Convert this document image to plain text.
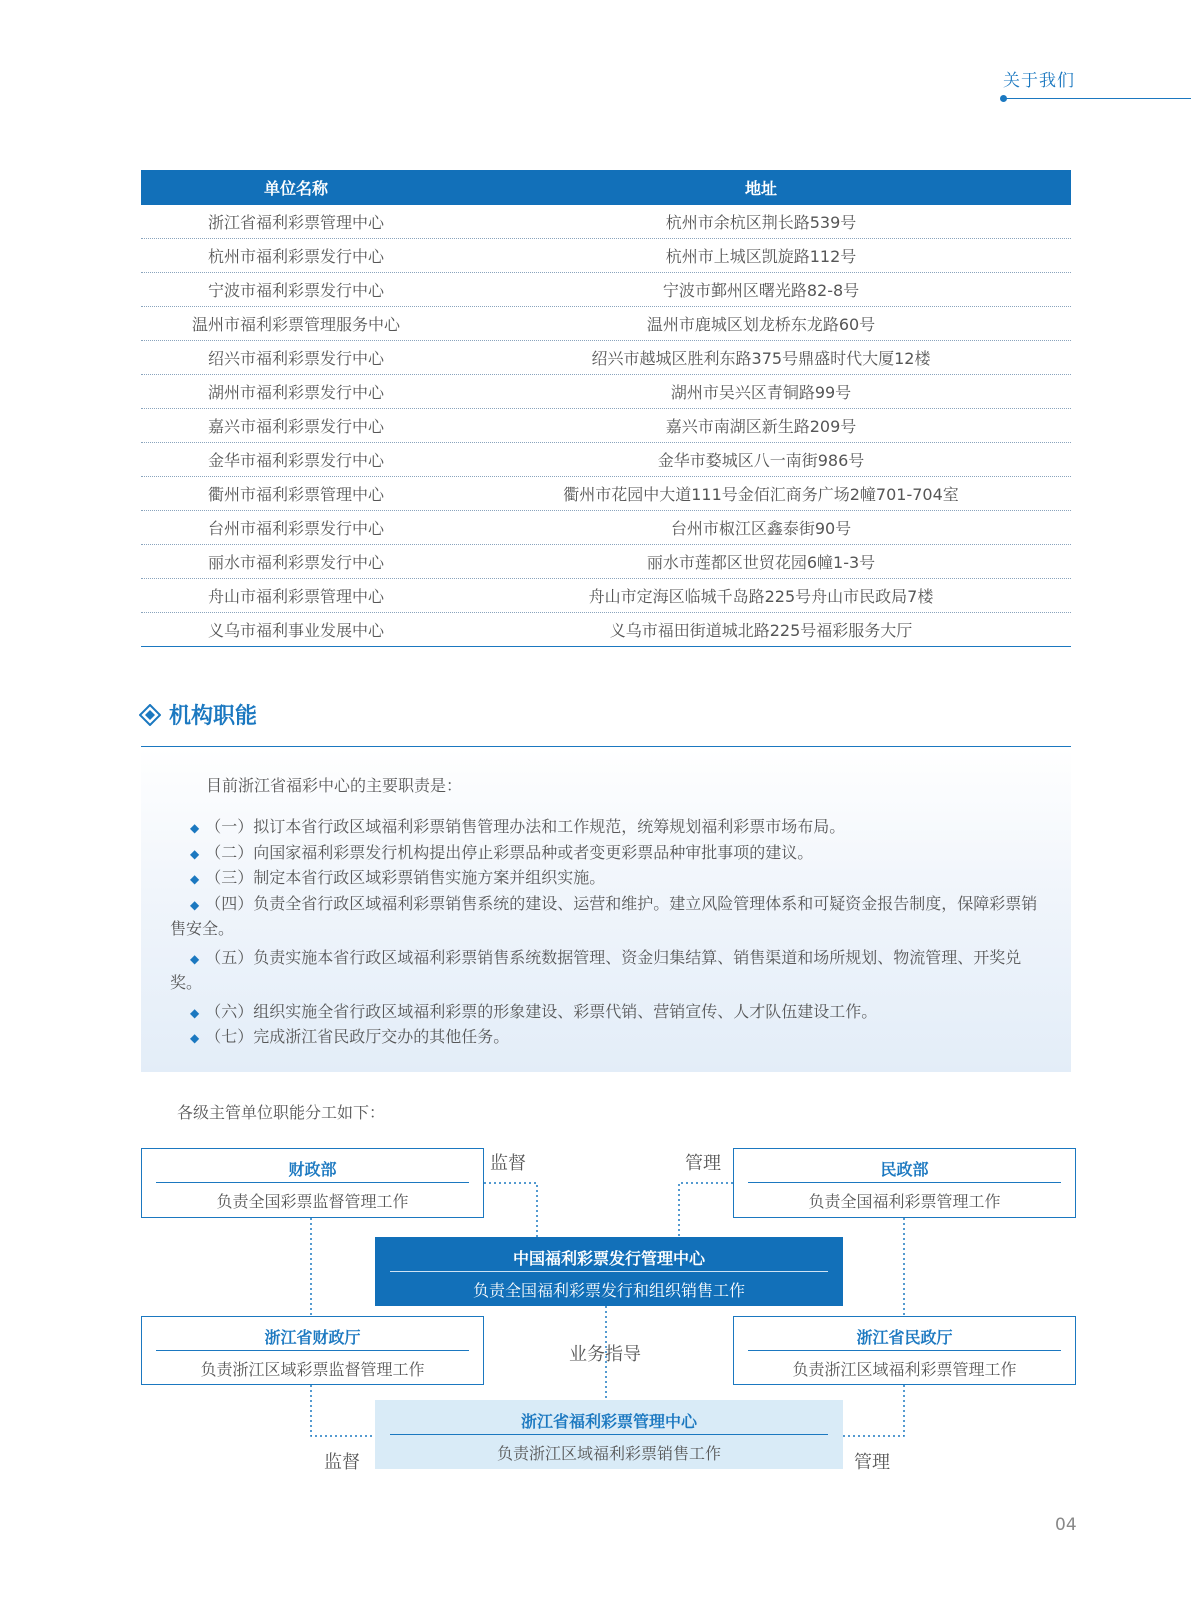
关于我们
单位名称	地址
浙江省福利彩票管理中心	杭州市余杭区荆长路539号
杭州市福利彩票发行中心	杭州市上城区凯旋路112号
宁波市福利彩票发行中心	宁波市鄞州区曙光路82-8号
温州市福利彩票管理服务中心	温州市鹿城区划龙桥东龙路60号
绍兴市福利彩票发行中心	绍兴市越城区胜利东路375号鼎盛时代大厦12楼
湖州市福利彩票发行中心	湖州市吴兴区青铜路99号
嘉兴市福利彩票发行中心	嘉兴市南湖区新生路209号
金华市福利彩票发行中心	金华市婺城区八一南街986号
衢州市福利彩票管理中心	衢州市花园中大道111号金佰汇商务广场2幢701-704室
台州市福利彩票发行中心	台州市椒江区鑫泰街90号
丽水市福利彩票发行中心	丽水市莲都区世贸花园6幢1-3号
舟山市福利彩票管理中心	舟山市定海区临城千岛路225号舟山市民政局7楼
义乌市福利事业发展中心	义乌市福田街道城北路225号福彩服务大厅
机构职能
目前浙江省福彩中心的主要职责是：

◆ （一）拟订本省行政区域福利彩票销售管理办法和工作规范，统筹规划福利彩票市场布局。

◆ （二）向国家福利彩票发行机构提出停止彩票品种或者变更彩票品种审批事项的建议。

◆ （三）制定本省行政区域彩票销售实施方案并组织实施。

◆ （四）负责全省行政区域福利彩票销售系统的建设、运营和维护。建立风险管理体系和可疑资金报告制度，保障彩票销售安全。

◆ （五）负责实施本省行政区域福利彩票销售系统数据管理、资金归集结算、销售渠道和场所规划、物流管理、开奖兑奖。

◆ （六）组织实施全省行政区域福利彩票的形象建设、彩票代销、营销宣传、人才队伍建设工作。

◆ （七）完成浙江省民政厅交办的其他任务。

各级主管单位职能分工如下：
财政部
负责全国彩票监督管理工作
民政部
负责全国福利彩票管理工作
中国福利彩票发行管理中心
负责全国福利彩票发行和组织销售工作
浙江省财政厅
负责浙江区域彩票监督管理工作
浙江省民政厅
负责浙江区域福利彩票管理工作
浙江省福利彩票管理中心
负责浙江区域福利彩票销售工作
监督	管理
业务指导
监督	管理
04
